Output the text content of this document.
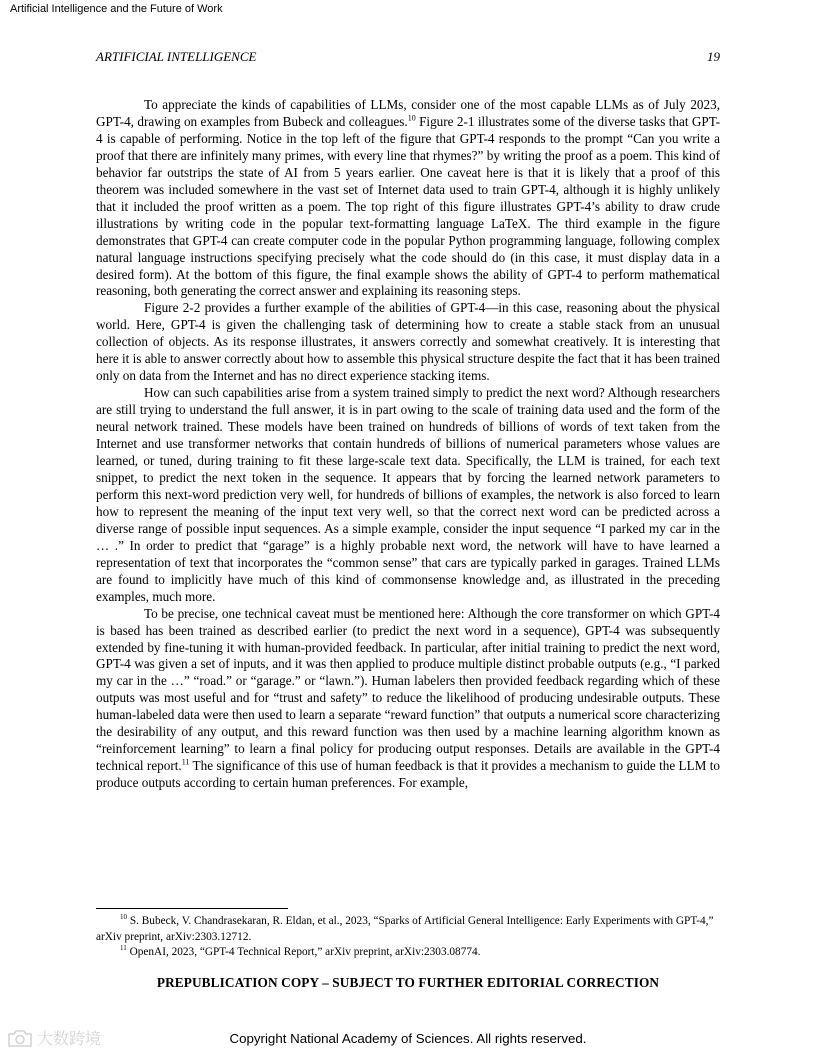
Artificial Intelligence and the Future of Work
ARTIFICIAL INTELLIGENCE	19

To appreciate the kinds of capabilities of LLMs, consider one of the most capable LLMs as of July 2023, GPT-4, drawing on examples from Bubeck and colleagues.$^{10}$ Figure 2-1 illustrates some of the diverse tasks that GPT-4 is capable of performing. Notice in the top left of the figure that GPT-4 responds to the prompt “Can you write a proof that there are infinitely many primes, with every line that rhymes?” by writing the proof as a poem. This kind of behavior far outstrips the state of AI from 5 years earlier. One caveat here is that it is likely that a proof of this theorem was included somewhere in the vast set of Internet data used to train GPT-4, although it is highly unlikely that it included the proof written as a poem. The top right of this figure illustrates GPT-4’s ability to draw crude illustrations by writing code in the popular text-formatting language LaTeX. The third example in the figure demonstrates that GPT-4 can create computer code in the popular Python programming language, following complex natural language instructions specifying precisely what the code should do (in this case, it must display data in a desired form). At the bottom of this figure, the final example shows the ability of GPT-4 to perform mathematical reasoning, both generating the correct answer and explaining its reasoning steps.

Figure 2-2 provides a further example of the abilities of GPT-4—in this case, reasoning about the physical world. Here, GPT-4 is given the challenging task of determining how to create a stable stack from an unusual collection of objects. As its response illustrates, it answers correctly and somewhat creatively. It is interesting that here it is able to answer correctly about how to assemble this physical structure despite the fact that it has been trained only on data from the Internet and has no direct experience stacking items.

How can such capabilities arise from a system trained simply to predict the next word? Although researchers are still trying to understand the full answer, it is in part owing to the scale of training data used and the form of the neural network trained. These models have been trained on hundreds of billions of words of text taken from the Internet and use transformer networks that contain hundreds of billions of numerical parameters whose values are learned, or tuned, during training to fit these large-scale text data. Specifically, the LLM is trained, for each text snippet, to predict the next token in the sequence. It appears that by forcing the learned network parameters to perform this next-word prediction very well, for hundreds of billions of examples, the network is also forced to learn how to represent the meaning of the input text very well, so that the correct next word can be predicted across a diverse range of possible input sequences. As a simple example, consider the input sequence “I parked my car in the … .” In order to predict that “garage” is a highly probable next word, the network will have to have learned a representation of text that incorporates the “common sense” that cars are typically parked in garages. Trained LLMs are found to implicitly have much of this kind of commonsense knowledge and, as illustrated in the preceding examples, much more.

To be precise, one technical caveat must be mentioned here: Although the core transformer on which GPT-4 is based has been trained as described earlier (to predict the next word in a sequence), GPT-4 was subsequently extended by fine-tuning it with human-provided feedback. In particular, after initial training to predict the next word, GPT-4 was given a set of inputs, and it was then applied to produce multiple distinct probable outputs (e.g., “I parked my car in the …” “road.” or “garage.” or “lawn.”). Human labelers then provided feedback regarding which of these outputs was most useful and for “trust and safety” to reduce the likelihood of producing undesirable outputs. These human-labeled data were then used to learn a separate “reward function” that outputs a numerical score characterizing the desirability of any output, and this reward function was then used by a machine learning algorithm known as “reinforcement learning” to learn a final policy for producing output responses. Details are available in the GPT-4 technical report.$^{11}$ The significance of this use of human feedback is that it provides a mechanism to guide the LLM to produce outputs according to certain human preferences. For example,

$^{10}$ S. Bubeck, V. Chandrasekaran, R. Eldan, et al., 2023, “Sparks of Artificial General Intelligence: Early Experiments with GPT-4,” arXiv preprint, arXiv:2303.12712.

$^{11}$ OpenAI, 2023, “GPT-4 Technical Report,” arXiv preprint, arXiv:2303.08774.

PREPUBLICATION COPY – SUBJECT TO FURTHER EDITORIAL CORRECTION
大数跨境	Copyright National Academy of Sciences. All rights reserved.
